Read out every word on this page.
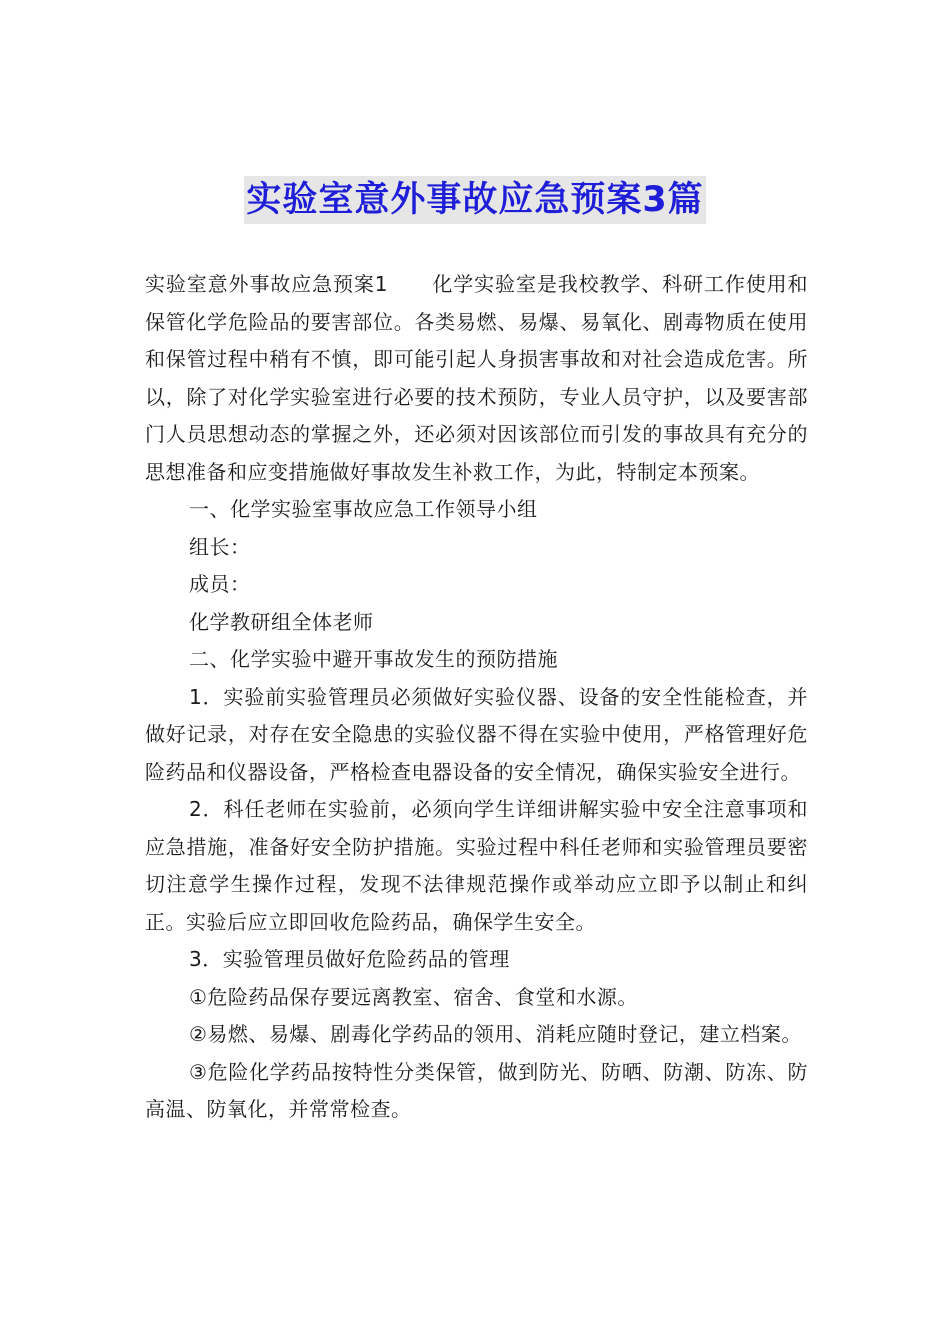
实验室意外事故应急预案3篇

实验室意外事故应急预案1 化学实验室是我校教学、科研工作使用和保管化学危险品的要害部位。各类易燃、易爆、易氧化、剧毒物质在使用和保管过程中稍有不慎，即可能引起人身损害事故和对社会造成危害。所以，除了对化学实验室进行必要的技术预防，专业人员守护，以及要害部门人员思想动态的掌握之外，还必须对因该部位而引发的事故具有充分的思想准备和应变措施做好事故发生补救工作，为此，特制定本预案。

一、化学实验室事故应急工作领导小组

组长：

成员：

化学教研组全体老师

二、化学实验中避开事故发生的预防措施

1．实验前实验管理员必须做好实验仪器、设备的安全性能检查，并做好记录，对存在安全隐患的实验仪器不得在实验中使用，严格管理好危险药品和仪器设备，严格检查电器设备的安全情况，确保实验安全进行。

2．科任老师在实验前，必须向学生详细讲解实验中安全注意事项和应急措施，准备好安全防护措施。实验过程中科任老师和实验管理员要密切注意学生操作过程，发现不法律规范操作或举动应立即予以制止和纠正。实验后应立即回收危险药品，确保学生安全。

3．实验管理员做好危险药品的管理

①危险药品保存要远离教室、宿舍、食堂和水源。

②易燃、易爆、剧毒化学药品的领用、消耗应随时登记，建立档案。

③危险化学药品按特性分类保管，做到防光、防晒、防潮、防冻、防高温、防氧化，并常常检查。
